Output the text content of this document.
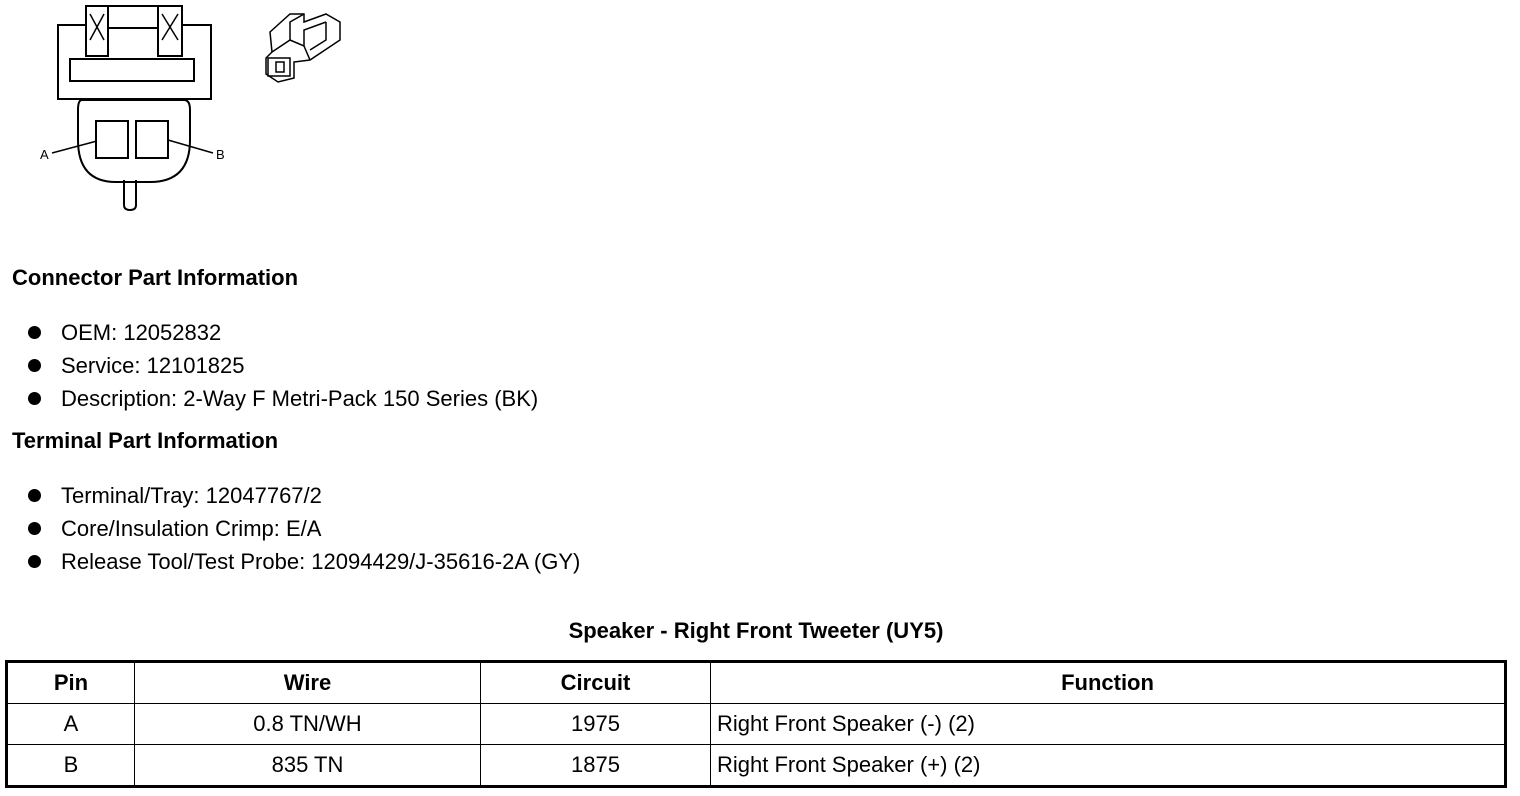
A	B
Connector Part Information
OEM: 12052832
Service: 12101825
Description: 2-Way F Metri-Pack 150 Series (BK)
Terminal Part Information
Terminal/Tray: 12047767/2
Core/Insulation Crimp: E/A
Release Tool/Test Probe: 12094429/J-35616-2A (GY)
Speaker - Right Front Tweeter (UY5)
Pin	Wire	Circuit	Function
A	0.8 TN/WH	1975	Right Front Speaker (-) (2)
B	835 TN	1875	Right Front Speaker (+) (2)
